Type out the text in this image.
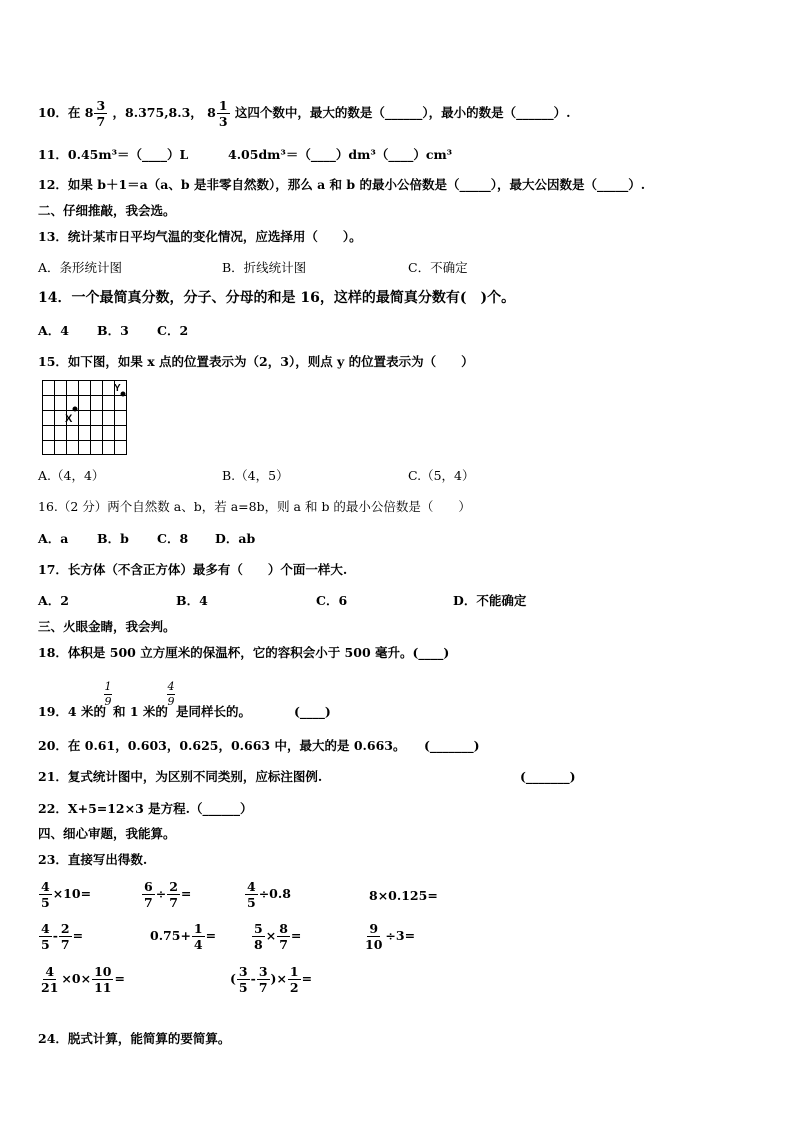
10．在 $8 \frac{3}{7}$ ，8.375,8.3， $8 \frac{1}{3}$ 这四个数中，最大的数是（______），最小的数是（______）.
11．0.45m³＝（____）L	4.05dm³＝（____）dm³（____）cm³
12．如果 b＋1＝a（a、b 是非零自然数），那么 a 和 b 的最小公倍数是（_____），最大公因数是（_____）.
二、仔细推敲，我会选。
13．统计某市日平均气温的变化情况，应选择用（　　）。
A．条形统计图	B．折线统计图	C．不确定
14．一个最简真分数，分子、分母的和是 16，这样的最简真分数有(　)个。
A．4 B．3 C．2
15．如下图，如果 x 点的位置表示为（2，3），则点 y 的位置表示为（　　）
X
Y
A.（4，4）	B.（4，5）	C.（5，4）
16.（2 分）两个自然数 a、b，若 a=8b，则 a 和 b 的最小公倍数是（　　）
A．a B．b C．8 D．ab
17．长方体（不含正方体）最多有（　　）个面一样大.
A．2	B．4	C．6	D．不能确定
三、火眼金睛，我会判。
18．体积是 500 立方厘米的保温杯，它的容积会小于 500 毫升。(____)
19．4 米的
1
9
和 1 米的
4
9
是同样长的。	(____)
20．在 0.61，0.603，0.625，0.663 中，最大的是 0.663。 (_______)
21．复式统计图中，为区别不同类别，应标注图例.	(_______)
22．X+5=12×3 是方程.（______）
四、细心审题，我能算。
23．直接写出得数.
$\frac{4}{5} \times 10=$	$\frac{6}{7} \div \frac{2}{7}$ =	$\frac{4}{5} \div 0.8$	8×0.125=
$\frac{4}{5} - \frac{2}{7}$ =	$0.75+ \frac{1}{4}$ =	$\frac{5}{8} \times \frac{8}{7}$ =	$\frac{9}{10} \div 3=$
$\frac{4}{21} \times 0\times \frac{10}{11}$ =	( $\frac{3}{5} - \frac{3}{7}$ )× $\frac{1}{2}$ =
24．脱式计算，能简算的要简算。
